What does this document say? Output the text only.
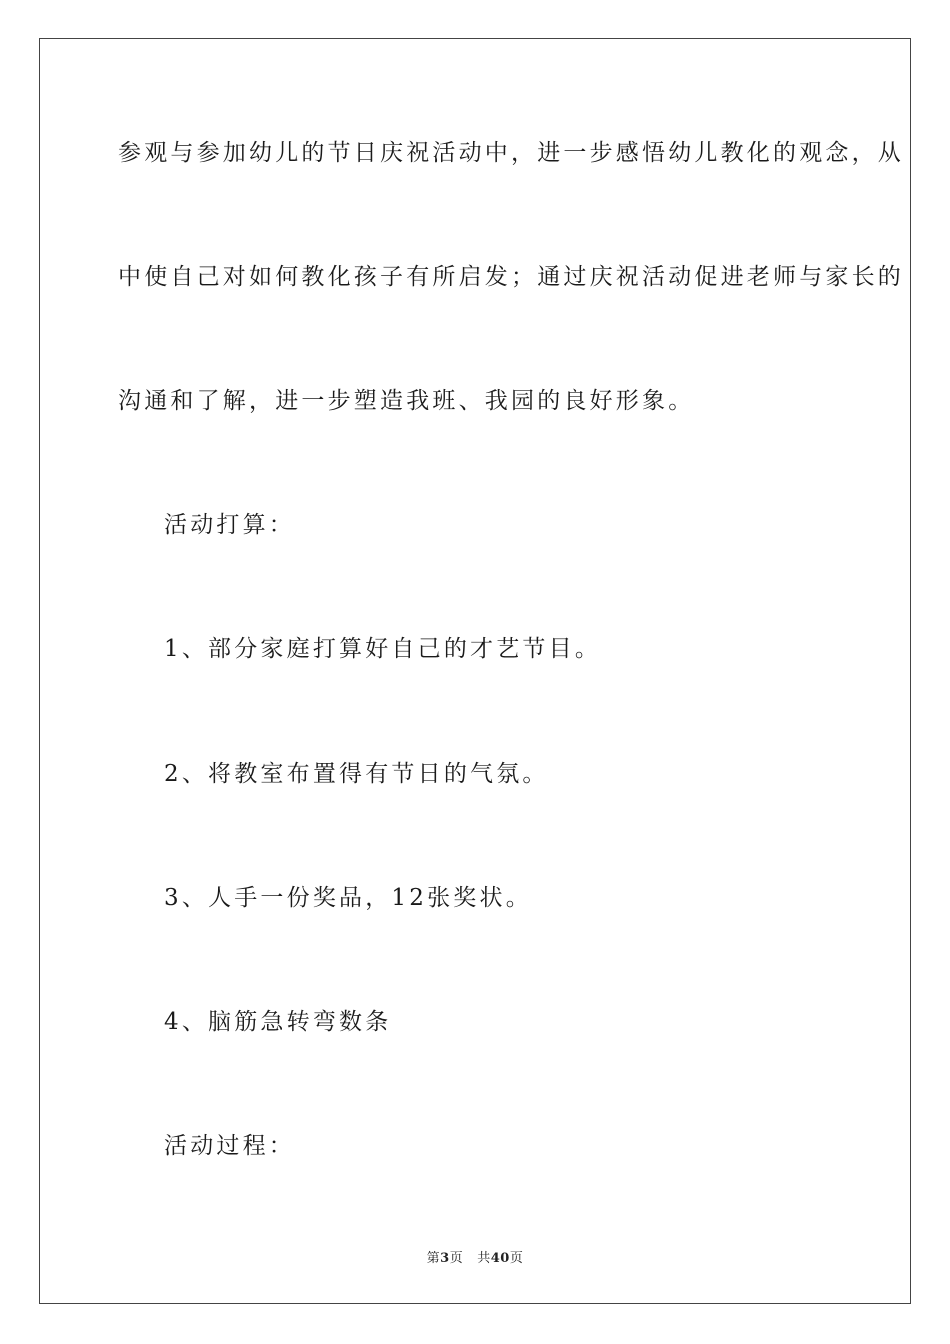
参观与参加幼儿的节日庆祝活动中，进一步感悟幼儿教化的观念，从
中使自己对如何教化孩子有所启发；通过庆祝活动促进老师与家长的
沟通和了解，进一步塑造我班、我园的良好形象。
活动打算：
1、部分家庭打算好自己的才艺节目。
2、将教室布置得有节日的气氛。
3、人手一份奖品，12张奖状。
4、脑筋急转弯数条
活动过程：
第3页 共40页
